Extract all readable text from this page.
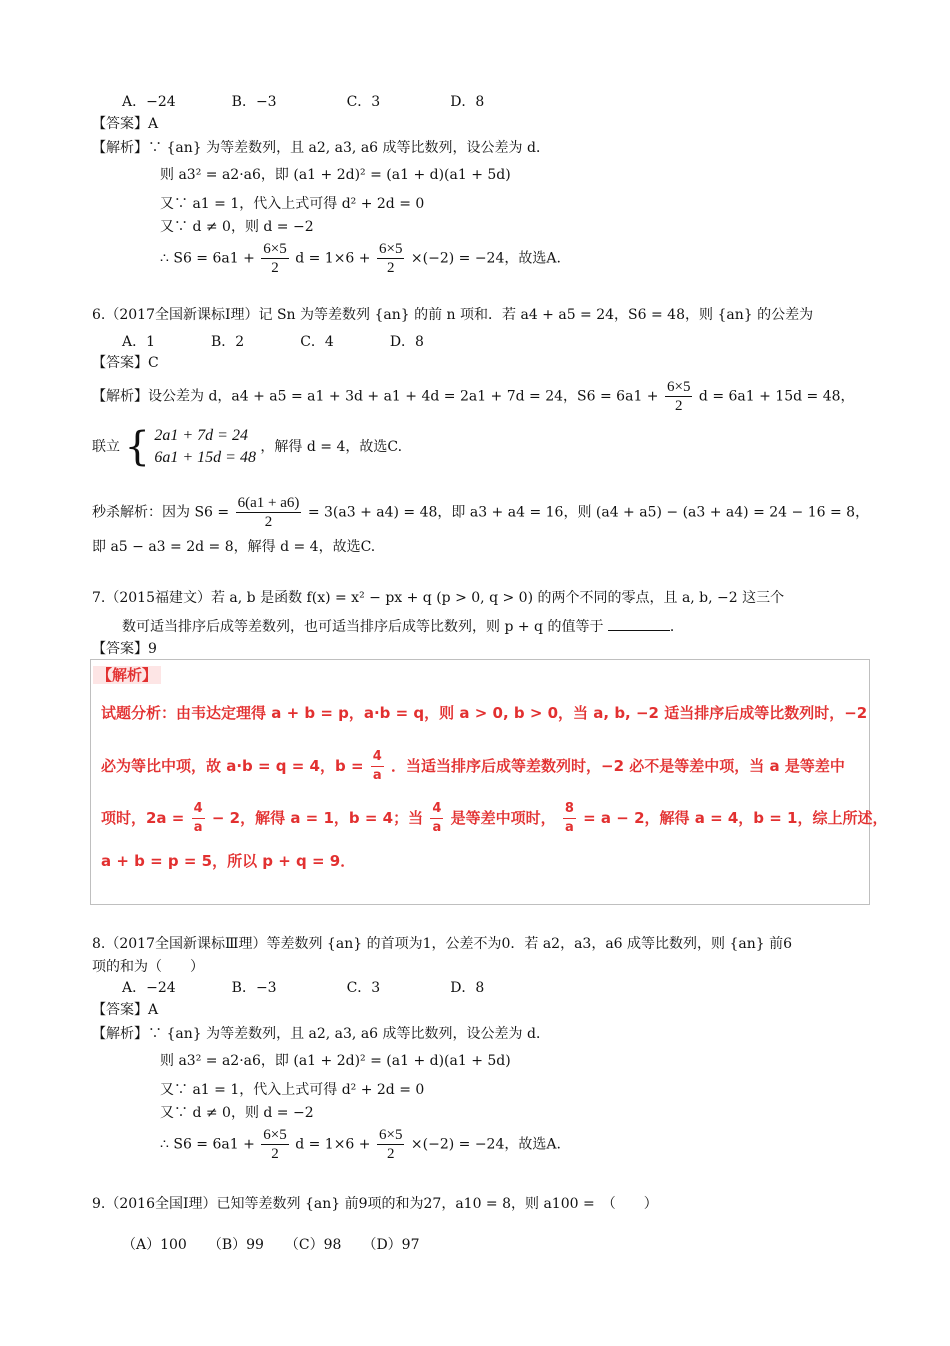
A．−24　　　　B．−3　　　　　C．3　　　　　D．8
【答案】A
【解析】∵ {an} 为等差数列，且 a2, a3, a6 成等比数列，设公差为 d．
则 a3² = a2·a6，即 (a1 + 2d)² = (a1 + d)(a1 + 5d)
又∵ a1 = 1，代入上式可得 d² + 2d = 0
又∵ d ≠ 0，则 d = −2
∴ $S6 = 6a1 + \frac{6\times 5}{2}$ $d = 1\times 6 + \frac{6\times 5}{2} \times(-2) = -24$，故选A.
6.（2017全国新课标Ⅰ理）记 Sn 为等差数列 {an} 的前 n 项和．若 a4 + a5 = 24，S6 = 48，则 {an} 的公差为
A．1　　　　B．2　　　　C．4　　　　D．8
【答案】C
【解析】设公差为 d，a4 + a5 = a1 + 3d + a1 + 4d = 2a1 + 7d = 24，$S6 = 6a1 + \frac{6\times 5}{2}$ d = 6a1 + 15d = 48，
联立 { 2a1 + 7d = 24
6a1 + 15d = 48
，解得 d = 4，故选C.
秒杀解析：因为 $S6 = \frac{6(a1 + a6)}{2} = 3(a3 + a4) = 48$，即 a3 + a4 = 16，则 (a4 + a5) − (a3 + a4) = 24 − 16 = 8，
即 a5 − a3 = 2d = 8，解得 d = 4，故选C.
7.（2015福建文）若 a, b 是函数 f(x) = x² − px + q (p > 0, q > 0) 的两个不同的零点，且 a, b, −2 这三个
数可适当排序后成等差数列，也可适当排序后成等比数列，则 p + q 的值等于	．
【答案】9
【解析】
试题分析：由韦达定理得 a + b = p，a·b = q，则 a > 0, b > 0，当 a, b, −2 适当排序后成等比数列时，−2
必为等比中项，故 a·b = q = 4，$b = \frac{4}{a}$ ．当适当排序后成等差数列时，−2 必不是等差中项，当 a 是等差中
项时，$2a = \frac{4}{a} - 2$，解得 a = 1，b = 4；当 $\frac{4}{a}$ 是等差中项时， $\frac{8}{a} = a - 2$，解得 a = 4，b = 1，综上所述，
a + b = p = 5，所以 p + q = 9．
8.（2017全国新课标Ⅲ理）等差数列 {an} 的首项为1，公差不为0．若 a2，a3，a6 成等比数列，则 {an} 前6
项的和为（　　）
A．−24　　　　B．−3　　　　　C．3　　　　　D．8
【答案】A
【解析】∵ {an} 为等差数列，且 a2, a3, a6 成等比数列，设公差为 d．
则 a3² = a2·a6，即 (a1 + 2d)² = (a1 + d)(a1 + 5d)
又∵ a1 = 1，代入上式可得 d² + 2d = 0
又∵ d ≠ 0，则 d = −2
∴ $S6 = 6a1 + \frac{6\times 5}{2}$ $d = 1\times 6 + \frac{6\times 5}{2} \times(-2) = -24$，故选A.
9.（2016全国Ⅰ理）已知等差数列 {an} 前9项的和为27，a10 = 8，则 a100 =　（　　）
（A）100　　（B）99　　（C）98　　（D）97
